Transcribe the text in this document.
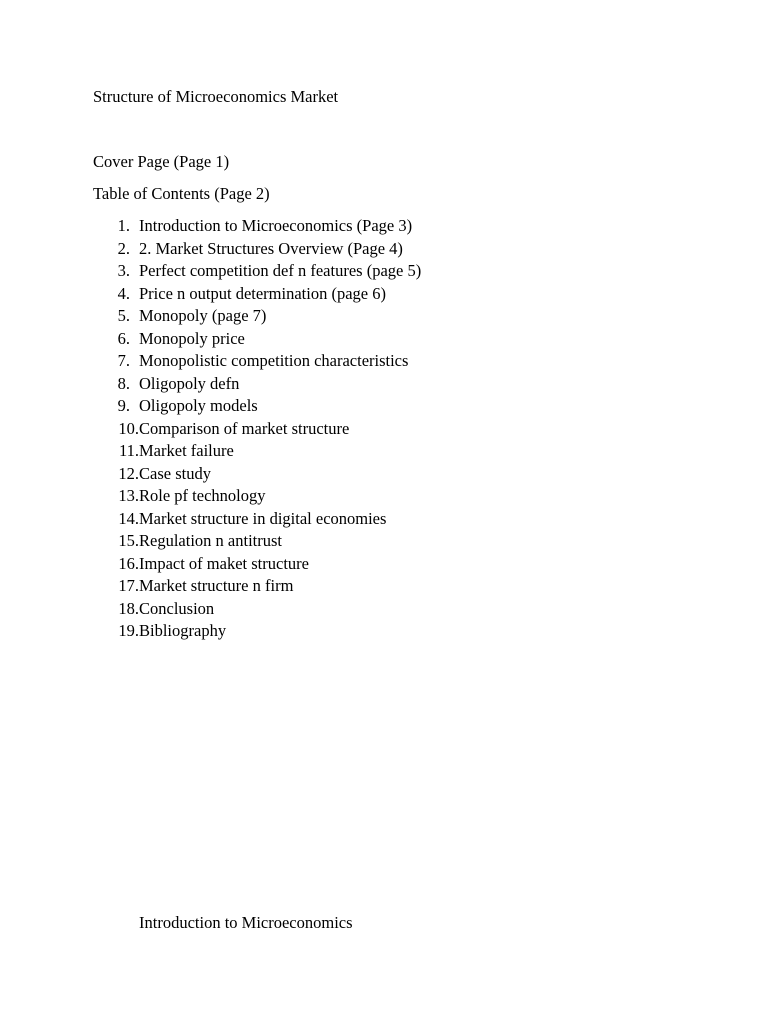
Structure of Microeconomics Market
Cover Page (Page 1)
Table of Contents (Page 2)
1. Introduction to Microeconomics (Page 3)
2. 2. Market Structures Overview (Page 4)
3. Perfect competition def n features (page 5)
4. Price n output determination (page 6)
5. Monopoly (page 7)
6. Monopoly price
7. Monopolistic competition characteristics
8. Oligopoly defn
9. Oligopoly models
10. Comparison of market structure
11. Market failure
12. Case study
13. Role pf technology
14. Market structure in digital economies
15. Regulation n antitrust
16. Impact of maket structure
17. Market structure n firm
18. Conclusion
19. Bibliography
Introduction to Microeconomics
